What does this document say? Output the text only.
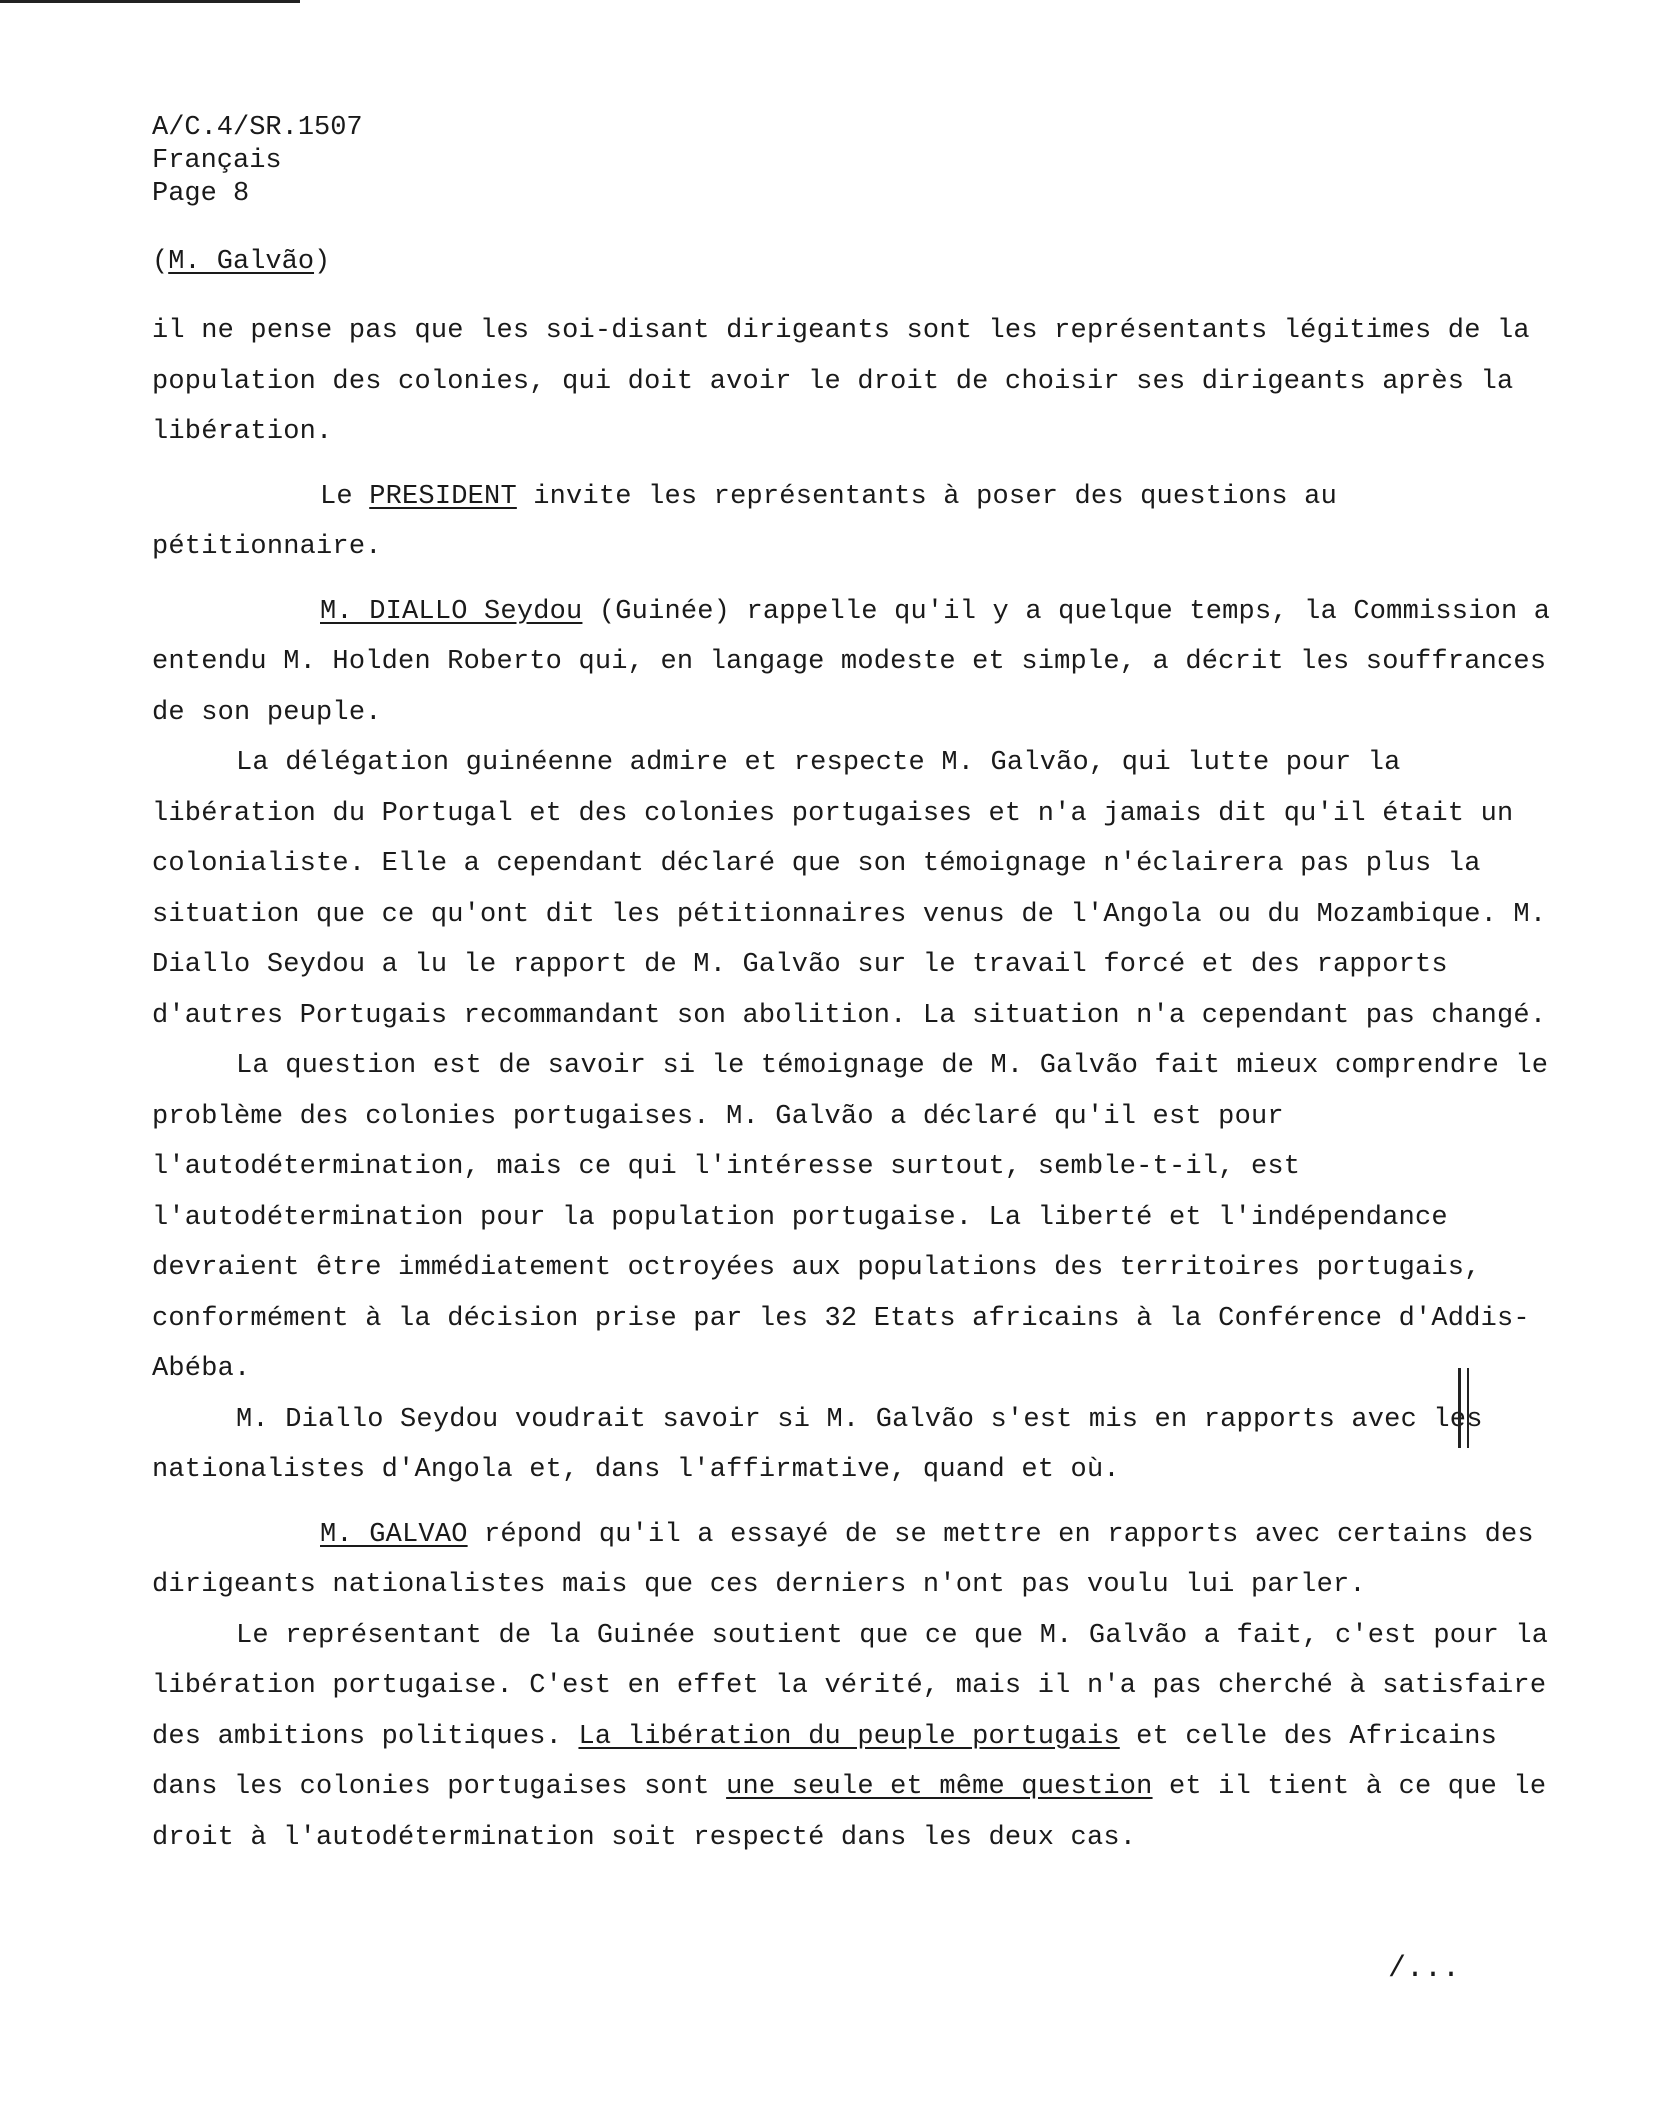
A/C.4/SR.1507
Français
Page 8
(M. Galvão)

il ne pense pas que les soi-disant dirigeants sont les représentants légitimes de la population des colonies, qui doit avoir le droit de choisir ses dirigeants après la libération.

Le PRESIDENT invite les représentants à poser des questions au pétitionnaire.

M. DIALLO Seydou (Guinée) rappelle qu'il y a quelque temps, la Commission a entendu M. Holden Roberto qui, en langage modeste et simple, a décrit les souffrances de son peuple.

La délégation guinéenne admire et respecte M. Galvão, qui lutte pour la libération du Portugal et des colonies portugaises et n'a jamais dit qu'il était un colonialiste. Elle a cependant déclaré que son témoignage n'éclairera pas plus la situation que ce qu'ont dit les pétitionnaires venus de l'Angola ou du Mozambique. M. Diallo Seydou a lu le rapport de M. Galvão sur le travail forcé et des rapports d'autres Portugais recommandant son abolition. La situation n'a cependant pas changé.

La question est de savoir si le témoignage de M. Galvão fait mieux comprendre le problème des colonies portugaises. M. Galvão a déclaré qu'il est pour l'autodétermination, mais ce qui l'intéresse surtout, semble-t-il, est l'autodétermination pour la population portugaise. La liberté et l'indépendance devraient être immédiatement octroyées aux populations des territoires portugais, conformément à la décision prise par les 32 Etats africains à la Conférence d'Addis-Abéba.

M. Diallo Seydou voudrait savoir si M. Galvão s'est mis en rapports avec les nationalistes d'Angola et, dans l'affirmative, quand et où.

M. GALVAO répond qu'il a essayé de se mettre en rapports avec certains des dirigeants nationalistes mais que ces derniers n'ont pas voulu lui parler.

Le représentant de la Guinée soutient que ce que M. Galvão a fait, c'est pour la libération portugaise. C'est en effet la vérité, mais il n'a pas cherché à satisfaire des ambitions politiques. La libération du peuple portugais et celle des Africains dans les colonies portugaises sont une seule et même question et il tient à ce que le droit à l'autodétermination soit respecté dans les deux cas.

/...
